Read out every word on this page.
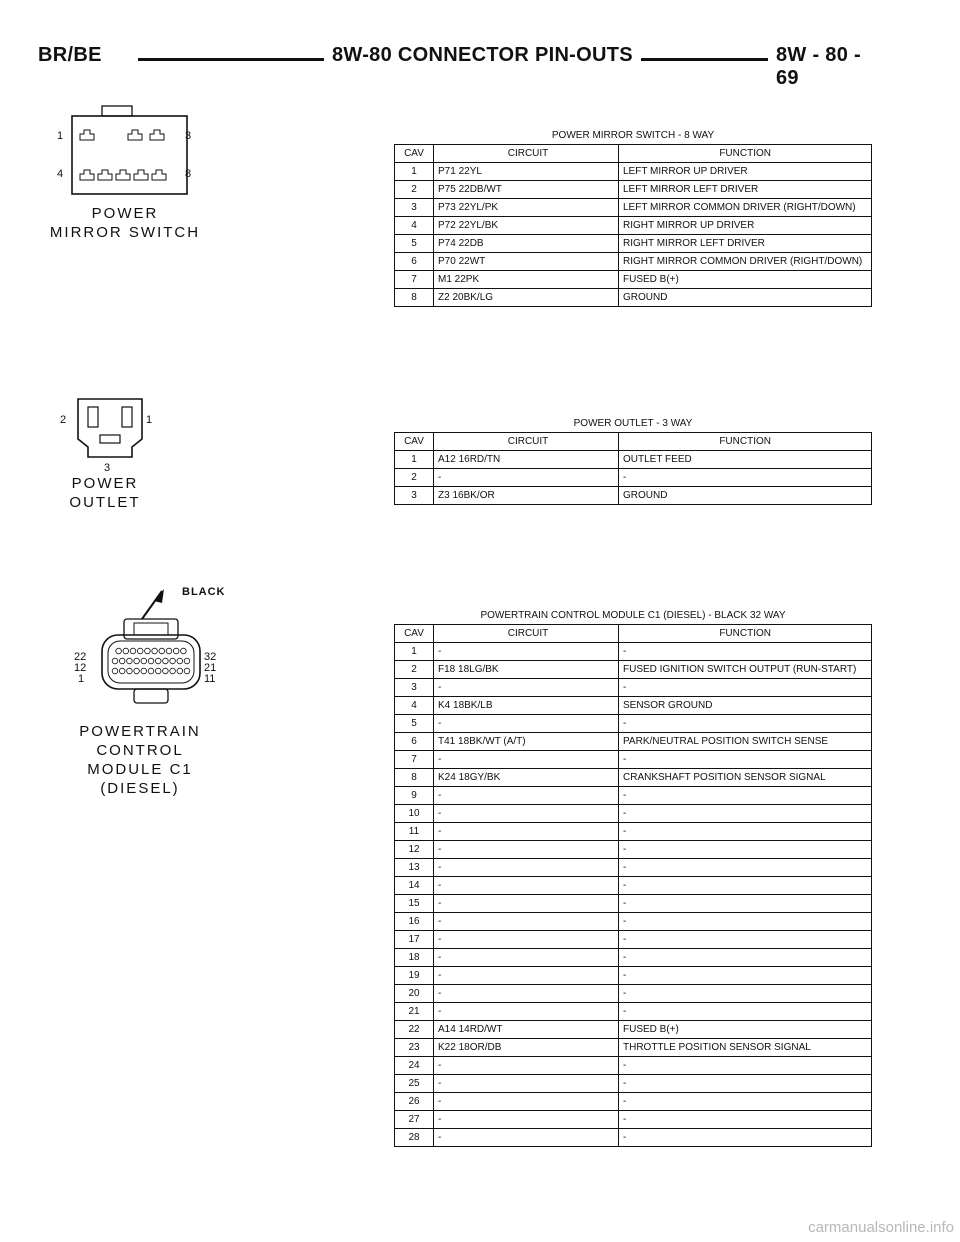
BR/BE	8W-80 CONNECTOR PIN-OUTS	8W - 80 - 69
1	3
4	8
POWER
MIRROR SWITCH
POWER MIRROR SWITCH - 8 WAY
CAV	CIRCUIT	FUNCTION
1	P71 22YL	LEFT MIRROR UP DRIVER
2	P75 22DB/WT	LEFT MIRROR LEFT DRIVER
3	P73 22YL/PK	LEFT MIRROR COMMON DRIVER (RIGHT/DOWN)
4	P72 22YL/BK	RIGHT MIRROR UP DRIVER
5	P74 22DB	RIGHT MIRROR LEFT DRIVER
6	P70 22WT	RIGHT MIRROR COMMON DRIVER (RIGHT/DOWN)
7	M1 22PK	FUSED B(+)
8	Z2 20BK/LG	GROUND
2	1
3
POWER
OUTLET
POWER OUTLET - 3 WAY
CAV	CIRCUIT	FUNCTION
1	A12 16RD/TN	OUTLET FEED
2	-	-
3	Z3 16BK/OR	GROUND
BLACK
22
12
1
32
21
11
POWERTRAIN CONTROL
MODULE C1
(DIESEL)
POWERTRAIN CONTROL MODULE C1 (DIESEL) - BLACK 32 WAY
CAV	CIRCUIT	FUNCTION
1	-	-
2	F18 18LG/BK	FUSED IGNITION SWITCH OUTPUT (RUN-START)
3	-	-
4	K4 18BK/LB	SENSOR GROUND
5	-	-
6	T41 18BK/WT (A/T)	PARK/NEUTRAL POSITION SWITCH SENSE
7	-	-
8	K24 18GY/BK	CRANKSHAFT POSITION SENSOR SIGNAL
9	-	-
10	-	-
11	-	-
12	-	-
13	-	-
14	-	-
15	-	-
16	-	-
17	-	-
18	-	-
19	-	-
20	-	-
21	-	-
22	A14 14RD/WT	FUSED B(+)
23	K22 18OR/DB	THROTTLE POSITION SENSOR SIGNAL
24	-	-
25	-	-
26	-	-
27	-	-
28	-	-
carmanualsonline.info
